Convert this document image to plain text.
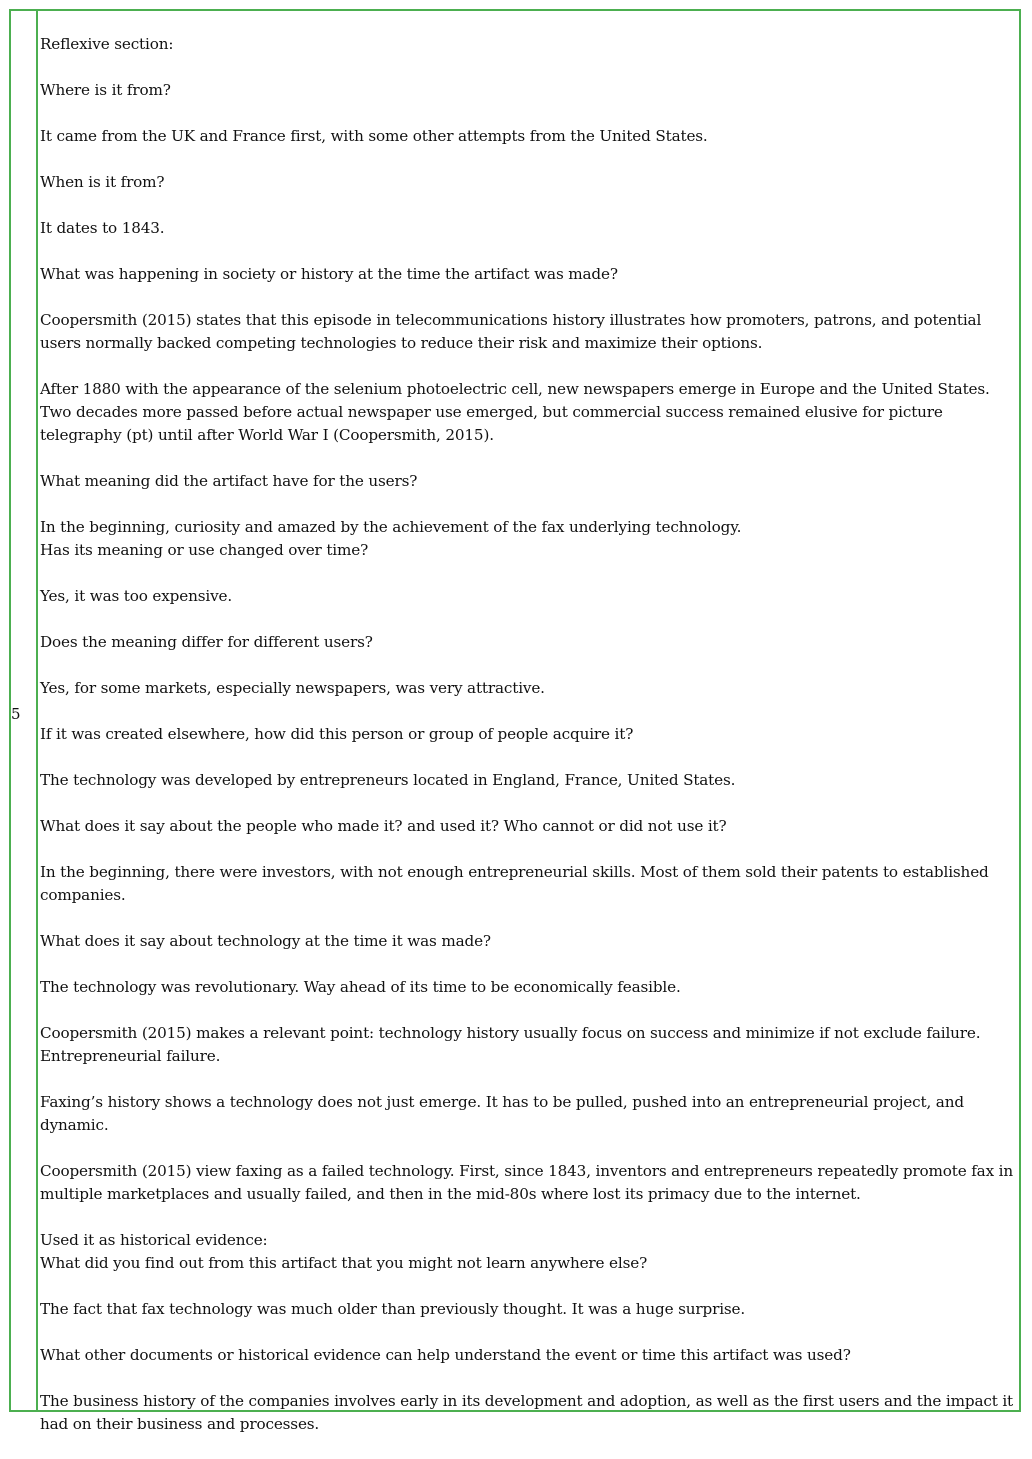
5

Reflexive section:

Where is it from?

It came from the UK and France first, with some other attempts from the United States.

When is it from?

It dates to 1843.

What was happening in society or history at the time the artifact was made?

Coopersmith (2015) states that this episode in telecommunications history illustrates how promoters, patrons, and potential users normally backed competing technologies to reduce their risk and maximize their options.

After 1880 with the appearance of the selenium photoelectric cell, new newspapers emerge in Europe and the United States. Two decades more passed before actual newspaper use emerged, but commercial success remained elusive for picture telegraphy (pt) until after World War I (Coopersmith, 2015).

What meaning did the artifact have for the users?

In the beginning, curiosity and amazed by the achievement of the fax underlying technology.

Has its meaning or use changed over time?

Yes, it was too expensive.

Does the meaning differ for different users?

Yes, for some markets, especially newspapers, was very attractive.

If it was created elsewhere, how did this person or group of people acquire it?

The technology was developed by entrepreneurs located in England, France, United States.

What does it say about the people who made it? and used it? Who cannot or did not use it?

In the beginning, there were investors, with not enough entrepreneurial skills. Most of them sold their patents to established companies.

What does it say about technology at the time it was made?

The technology was revolutionary. Way ahead of its time to be economically feasible.

Coopersmith (2015) makes a relevant point: technology history usually focus on success and minimize if not exclude failure. Entrepreneurial failure.

Faxing’s history shows a technology does not just emerge. It has to be pulled, pushed into an entrepreneurial project, and dynamic.

Coopersmith (2015) view faxing as a failed technology. First, since 1843, inventors and entrepreneurs repeatedly promote fax in multiple marketplaces and usually failed, and then in the mid-80s where lost its primacy due to the internet.

Used it as historical evidence:

What did you find out from this artifact that you might not learn anywhere else?

The fact that fax technology was much older than previously thought. It was a huge surprise.

What other documents or historical evidence can help understand the event or time this artifact was used?

The business history of the companies involves early in its development and adoption, as well as the first users and the impact it had on their business and processes.
